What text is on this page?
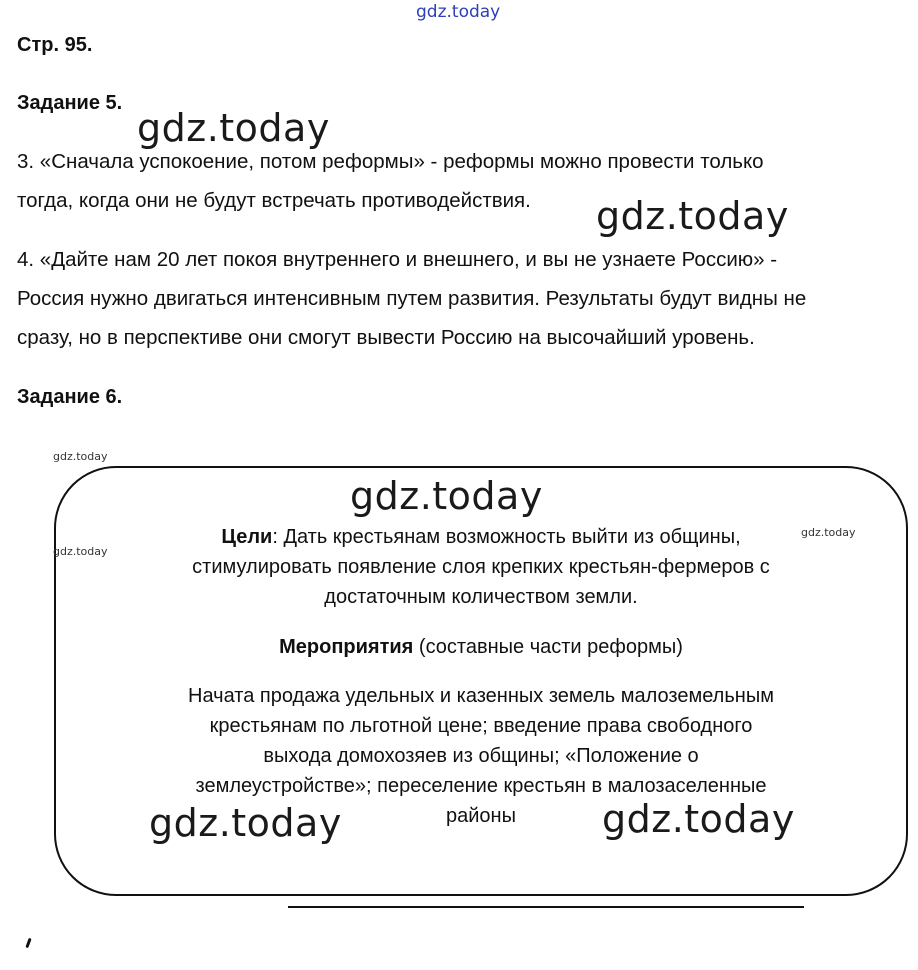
gdz.today
Стр. 95.
Задание 5.
3. «Сначала успокоение, потом реформы» - реформы можно провести только
тогда, когда они не будут встречать противодействия.
4. «Дайте нам 20 лет покоя внутреннего и внешнего, и вы не узнаете Россию» -
Россия нужно двигаться интенсивным путем развития. Результаты будут видны не
сразу, но в перспективе они смогут вывести Россию на высочайший уровень.
Задание 6.
Цели: Дать крестьянам возможность выйти из общины,
стимулировать появление слоя крепких крестьян-фермеров с
достаточным количеством земли.
Мероприятия (составные части реформы)
Начата продажа удельных и казенных земель малоземельным
крестьянам по льготной цене; введение права свободного
выхода домохозяев из общины; «Положение о
землеустройстве»; переселение крестьян в малозаселенные
районы
gdz.today
gdz.today
gdz.today
gdz.today	gdz.today
gdz.today
gdz.today
gdz.today
